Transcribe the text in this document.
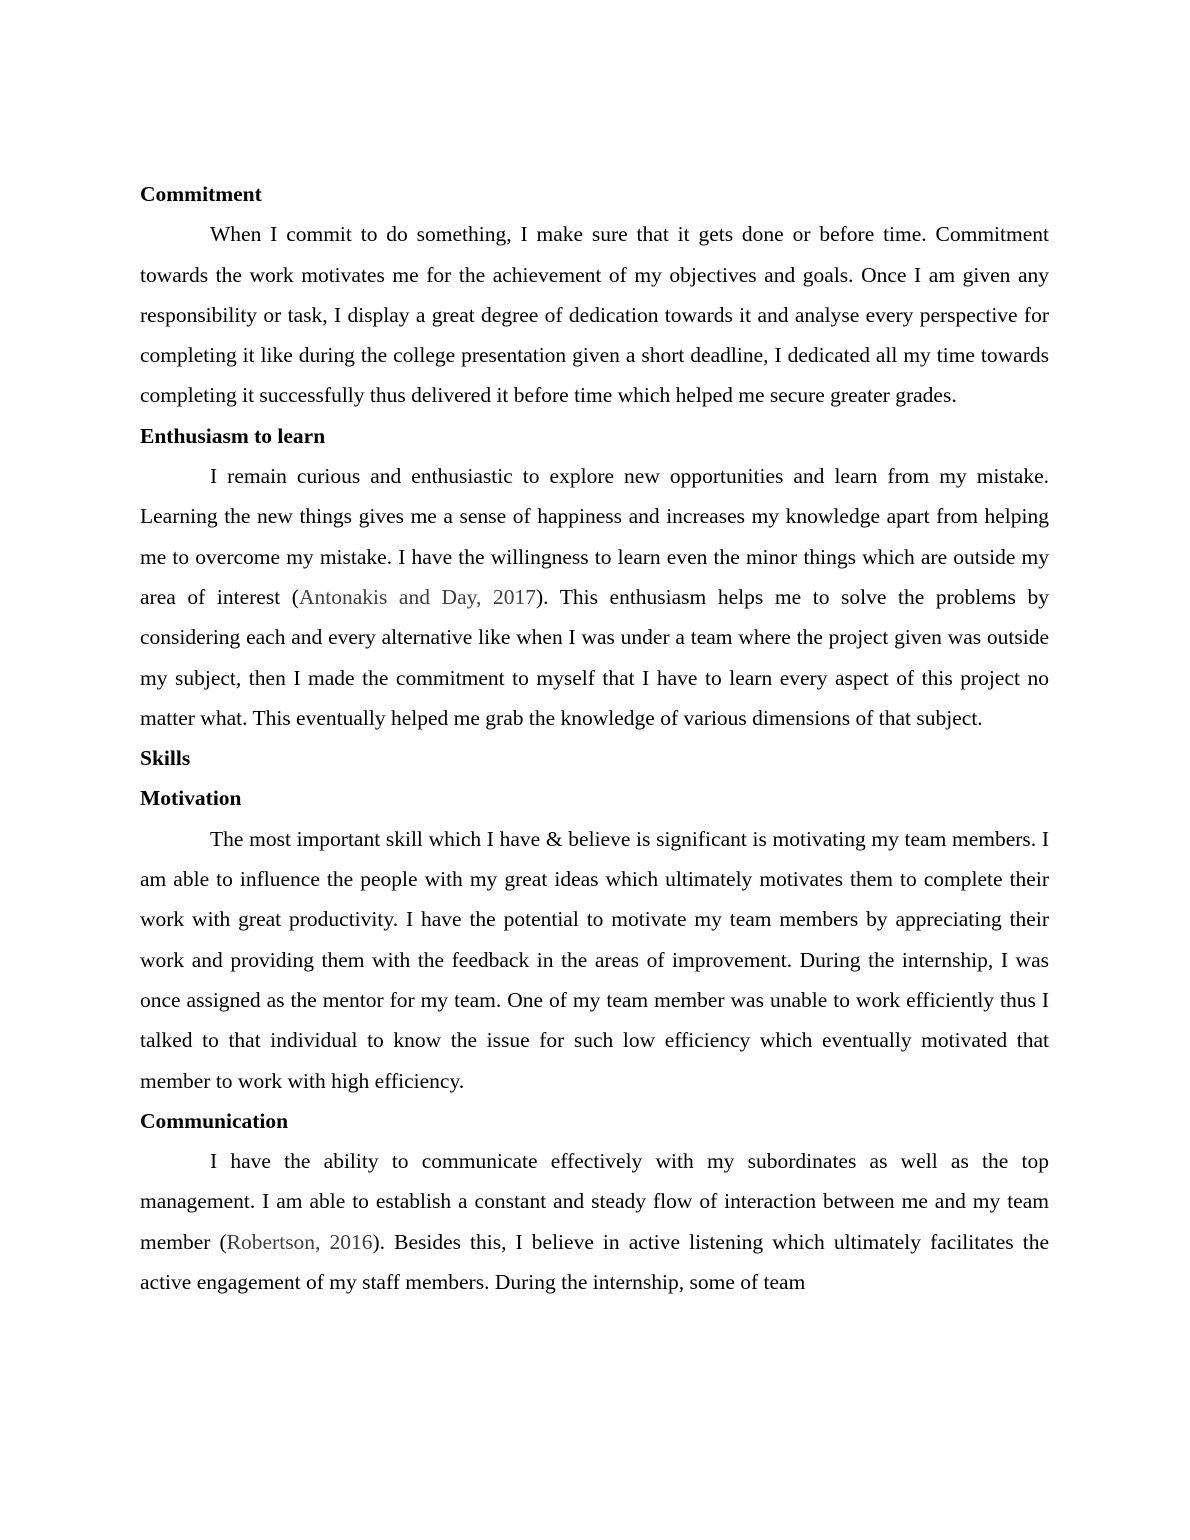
Commitment

When I commit to do something, I make sure that it gets done or before time. Commitment towards the work motivates me for the achievement of my objectives and goals. Once I am given any responsibility or task, I display a great degree of dedication towards it and analyse every perspective for completing it like during the college presentation given a short deadline, I dedicated all my time towards completing it successfully thus delivered it before time which helped me secure greater grades.

Enthusiasm to learn

I remain curious and enthusiastic to explore new opportunities and learn from my mistake. Learning the new things gives me a sense of happiness and increases my knowledge apart from helping me to overcome my mistake. I have the willingness to learn even the minor things which are outside my area of interest (Antonakis and Day, 2017). This enthusiasm helps me to solve the problems by considering each and every alternative like when I was under a team where the project given was outside my subject, then I made the commitment to myself that I have to learn every aspect of this project no matter what. This eventually helped me grab the knowledge of various dimensions of that subject.

Skills

Motivation

The most important skill which I have & believe is significant is motivating my team members. I am able to influence the people with my great ideas which ultimately motivates them to complete their work with great productivity. I have the potential to motivate my team members by appreciating their work and providing them with the feedback in the areas of improvement. During the internship, I was once assigned as the mentor for my team. One of my team member was unable to work efficiently thus I talked to that individual to know the issue for such low efficiency which eventually motivated that member to work with high efficiency.

Communication

I have the ability to communicate effectively with my subordinates as well as the top management. I am able to establish a constant and steady flow of interaction between me and my team member (Robertson, 2016). Besides this, I believe in active listening which ultimately facilitates the active engagement of my staff members. During the internship, some of team
